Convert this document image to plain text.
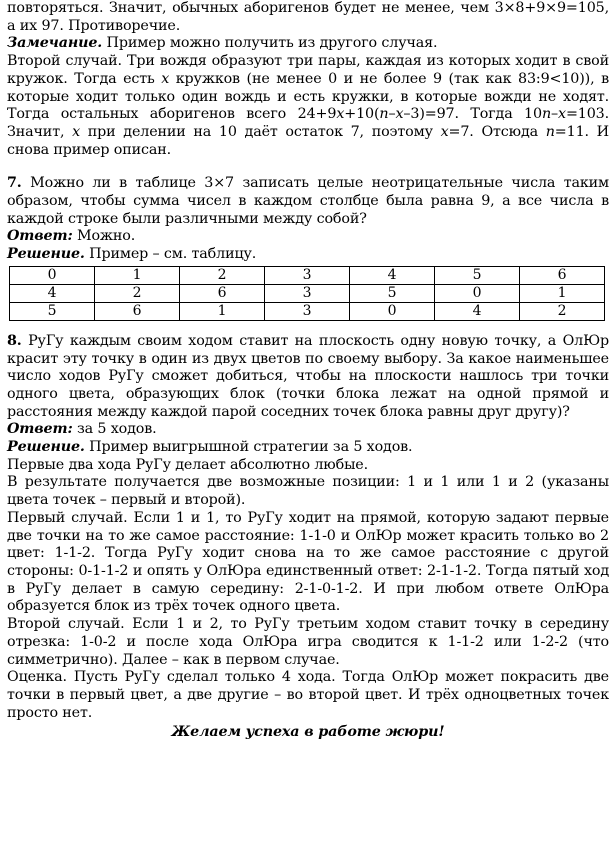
повторяться. Значит, обычных аборигенов будет не менее, чем 3×8+9×9=105, а их 97. Противоречие.

Замечание. Пример можно получить из другого случая.

Второй случай. Три вождя образуют три пары, каждая из которых ходит в свой кружок. Тогда есть x кружков (не менее 0 и не более 9 (так как 83:9<10)), в которые ходит только один вождь и есть кружки, в которые вожди не ходят. Тогда остальных аборигенов всего 24+9x+10(n–x–3)=97. Тогда 10n–x=103. Значит, x при делении на 10 даёт остаток 7, поэтому x=7. Отсюда n=11. И снова пример описан.

7. Можно ли в таблице 3×7 записать целые неотрицательные числа таким образом, чтобы сумма чисел в каждом столбце была равна 9, а все числа в каждой строке были различными между собой?

Ответ: Можно.

Решение. Пример – см. таблицу.

0	1	2	3	4	5	6
4	2	6	3	5	0	1
5	6	1	3	0	4	2

8. РуГу каждым своим ходом ставит на плоскость одну новую точку, а ОлЮр красит эту точку в один из двух цветов по своему выбору. За какое наименьшее число ходов РуГу сможет добиться, чтобы на плоскости нашлось три точки одного цвета, образующих блок (точки блока лежат на одной прямой и расстояния между каждой парой соседних точек блока равны друг другу)?

Ответ: за 5 ходов.

Решение. Пример выигрышной стратегии за 5 ходов.

Первые два хода РуГу делает абсолютно любые.

В результате получается две возможные позиции: 1 и 1 или 1 и 2 (указаны цвета точек – первый и второй).

Первый случай. Если 1 и 1, то РуГу ходит на прямой, которую задают первые две точки на то же самое расстояние: 1-1-0 и ОлЮр может красить только во 2 цвет: 1-1-2. Тогда РуГу ходит снова на то же самое расстояние с другой стороны: 0-1-1-2 и опять у ОлЮра единственный ответ: 2-1-1-2. Тогда пятый ход в РуГу делает в самую середину: 2-1-0-1-2. И при любом ответе ОлЮра образуется блок из трёх точек одного цвета.

Второй случай. Если 1 и 2, то РуГу третьим ходом ставит точку в середину отрезка: 1-0-2 и после хода ОлЮра игра сводится к 1-1-2 или 1-2-2 (что симметрично). Далее – как в первом случае.

Оценка. Пусть РуГу сделал только 4 хода. Тогда ОлЮр может покрасить две точки в первый цвет, а две другие – во второй цвет. И трёх одноцветных точек просто нет.

Желаем успеха в работе жюри!
